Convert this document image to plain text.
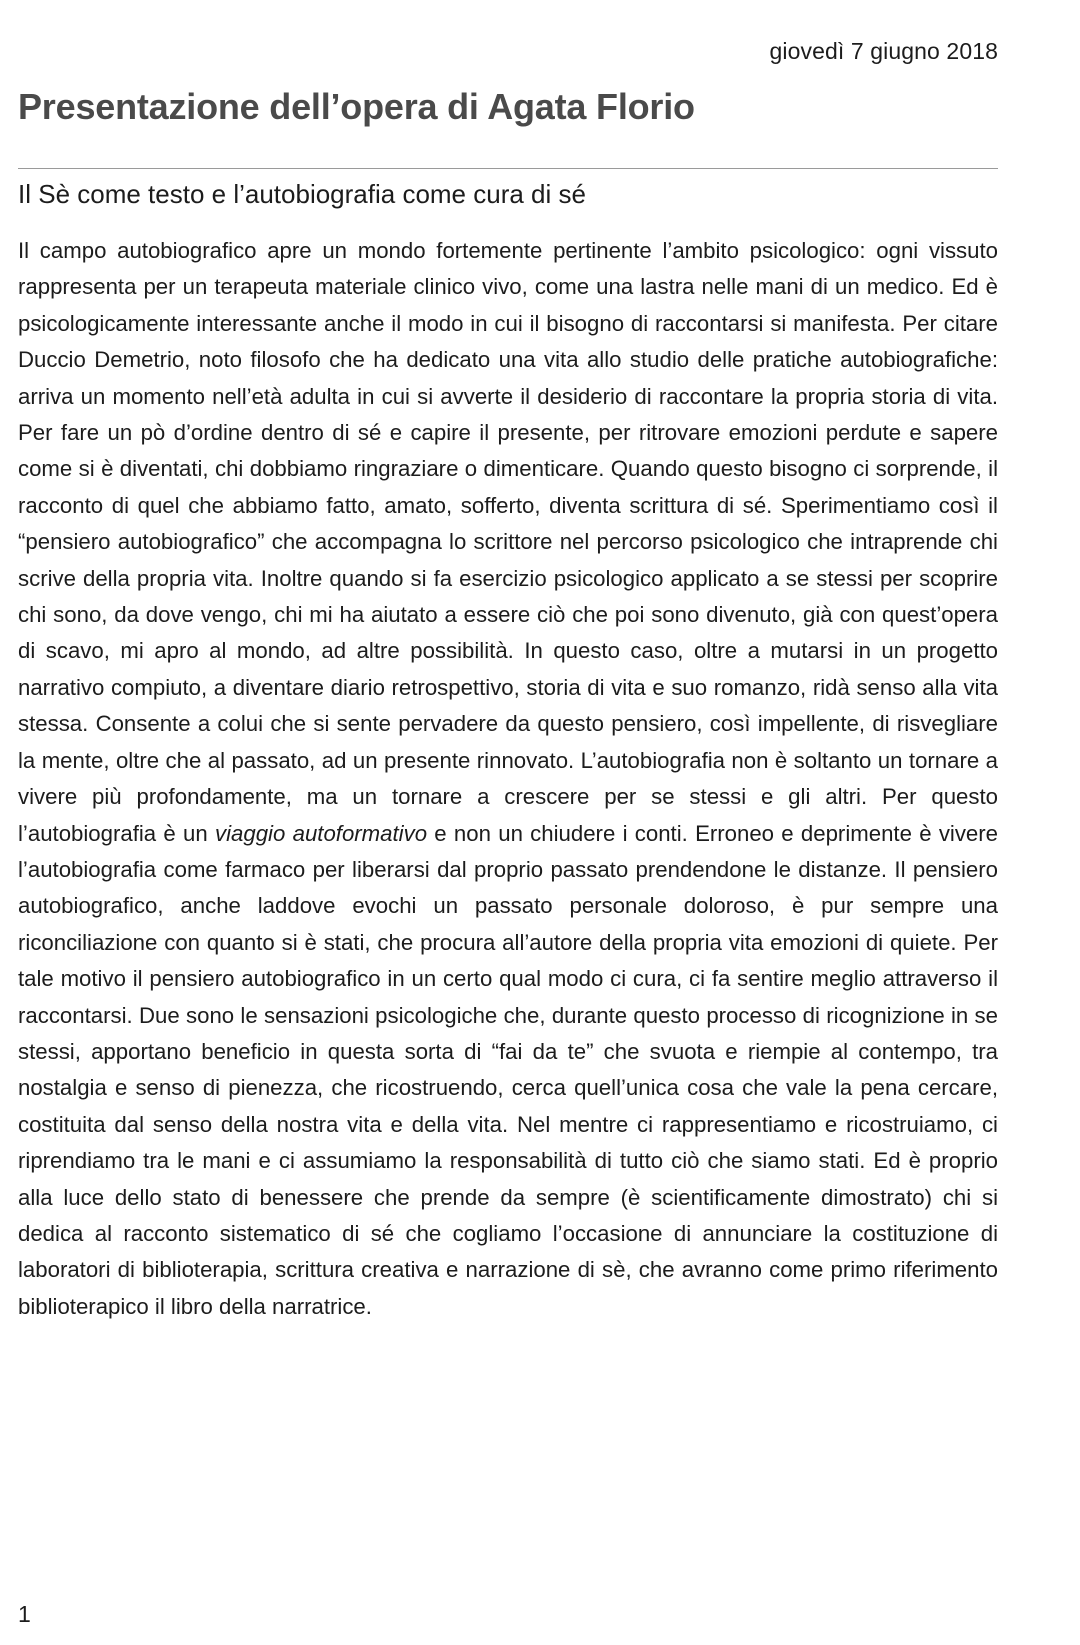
giovedì 7 giugno 2018
Presentazione dell’opera di Agata Florio
Il Sè come testo e l’autobiografia come cura di sé

Il campo autobiografico apre un mondo fortemente pertinente l’ambito psicologico: ogni vissuto rappresenta per un terapeuta materiale clinico vivo, come una lastra nelle mani di un medico. Ed è psicologicamente interessante anche il modo in cui il bisogno di raccontarsi si manifesta. Per citare Duccio Demetrio, noto filosofo che ha dedicato una vita allo studio delle pratiche autobiografiche: arriva un momento nell’età adulta in cui si avverte il desiderio di raccontare la propria storia di vita. Per fare un pò d’ordine dentro di sé e capire il presente, per ritrovare emozioni perdute e sapere come si è diventati, chi dobbiamo ringraziare o dimenticare. Quando questo bisogno ci sorprende, il racconto di quel che abbiamo fatto, amato, sofferto, diventa scrittura di sé. Sperimentiamo così il “pensiero autobiografico” che accompagna lo scrittore nel percorso psicologico che intraprende chi scrive della propria vita. Inoltre quando si fa esercizio psicologico applicato a se stessi per scoprire chi sono, da dove vengo, chi mi ha aiutato a essere ciò che poi sono divenuto, già con quest’opera di scavo, mi apro al mondo, ad altre possibilità. In questo caso, oltre a mutarsi in un progetto narrativo compiuto, a diventare diario retrospettivo, storia di vita e suo romanzo, ridà senso alla vita stessa. Consente a colui che si sente pervadere da questo pensiero, così impellente, di risvegliare la mente, oltre che al passato, ad un presente rinnovato. L’autobiografia non è soltanto un tornare a vivere più profondamente, ma un tornare a crescere per se stessi e gli altri. Per questo l’autobiografia è un viaggio autoformativo e non un chiudere i conti. Erroneo e deprimente è vivere l’autobiografia come farmaco per liberarsi dal proprio passato prendendone le distanze. Il pensiero autobiografico, anche laddove evochi un passato personale doloroso, è pur sempre una riconciliazione con quanto si è stati, che procura all’autore della propria vita emozioni di quiete. Per tale motivo il pensiero autobiografico in un certo qual modo ci cura, ci fa sentire meglio attraverso il raccontarsi. Due sono le sensazioni psicologiche che, durante questo processo di ricognizione in se stessi, apportano beneficio in questa sorta di “fai da te” che svuota e riempie al contempo, tra nostalgia e senso di pienezza, che ricostruendo, cerca quell’unica cosa che vale la pena cercare, costituita dal senso della nostra vita e della vita. Nel mentre ci rappresentiamo e ricostruiamo, ci riprendiamo tra le mani e ci assumiamo la responsabilità di tutto ciò che siamo stati. Ed è proprio alla luce dello stato di benessere che prende da sempre (è scientificamente dimostrato) chi si dedica al racconto sistematico di sé che cogliamo l’occasione di annunciare la costituzione di laboratori di biblioterapia, scrittura creativa e narrazione di sè, che avranno come primo riferimento biblioterapico il libro della narratrice.

1
